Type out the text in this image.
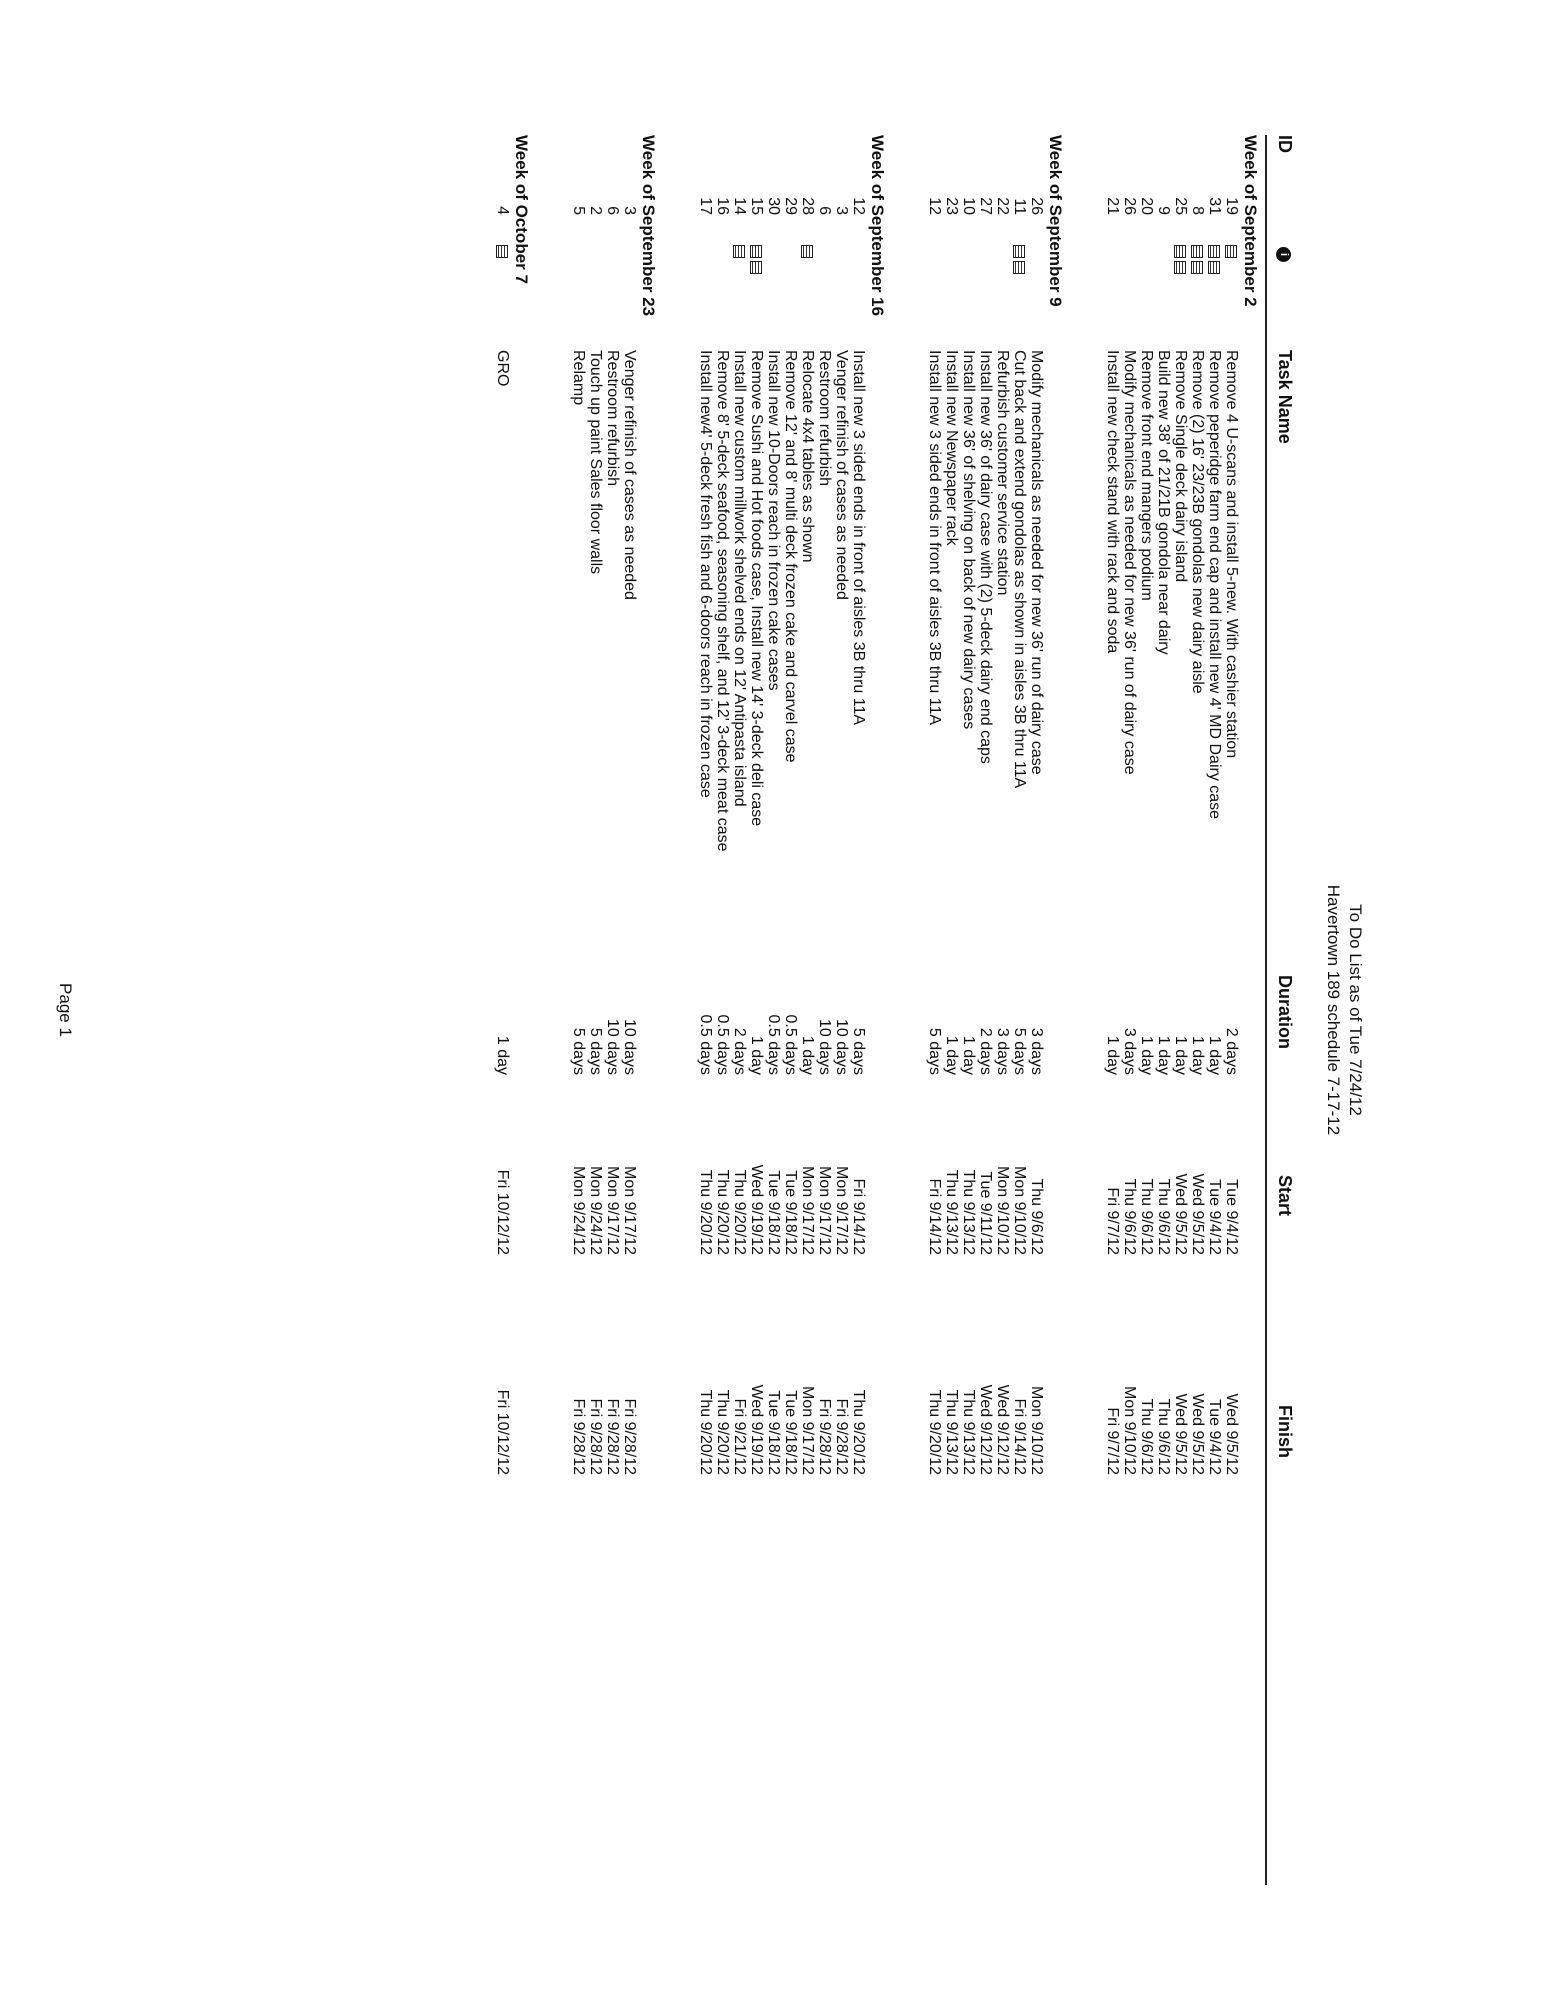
To Do List as of Tue 7/24/12
Havertown 189 schedule 7-17-12
ID
i
Task Name
Duration
Start
Finish
Week of September 2
19
Remove 4 U-scans and install 5-new. With cashier station
2 days
Tue 9/4/12
Wed 9/5/12
31
Remove peperidge farm end cap and install new 4' MD Dairy case
1 day
Tue 9/4/12
Tue 9/4/12
8
Remove (2) 16' 23/23B gondolas new dairy aisle
1 day
Wed 9/5/12
Wed 9/5/12
25
Remove Single deck dairy island
1 day
Wed 9/5/12
Wed 9/5/12
9
Build new 38' of 21/21B gondola near dairy
1 day
Thu 9/6/12
Thu 9/6/12
20
Remove front end mangers podium
1 day
Thu 9/6/12
Thu 9/6/12
26
Modify mechanicals as needed for new 36' run of dairy case
3 days
Thu 9/6/12
Mon 9/10/12
21
Install new check stand with rack and soda
1 day
Fri 9/7/12
Fri 9/7/12
Week of September 9
26
Modify mechanicals as needed for new 36' run of dairy case
3 days
Thu 9/6/12
Mon 9/10/12
11
Cut back and extend gondolas as shown in aisles 3B thru 11A
5 days
Mon 9/10/12
Fri 9/14/12
22
Refurbish customer service station
3 days
Mon 9/10/12
Wed 9/12/12
27
Install new 36' of dairy case with (2) 5-deck dairy end caps
2 days
Tue 9/11/12
Wed 9/12/12
10
Install new 36' of shelving on back of new dairy cases
1 day
Thu 9/13/12
Thu 9/13/12
23
Install new Newspaper rack
1 day
Thu 9/13/12
Thu 9/13/12
12
Install new 3 sided ends in front of aisles 3B thru 11A
5 days
Fri 9/14/12
Thu 9/20/12
Week of September 16
12
Install new 3 sided ends in front of aisles 3B thru 11A
5 days
Fri 9/14/12
Thu 9/20/12
3
Venger refinish of cases as needed
10 days
Mon 9/17/12
Fri 9/28/12
6
Restroom refurbish
10 days
Mon 9/17/12
Fri 9/28/12
28
Relocate 4x4 tables as shown
1 day
Mon 9/17/12
Mon 9/17/12
29
Remove 12' and 8' multi deck frozen cake and carvel case
0.5 days
Tue 9/18/12
Tue 9/18/12
30
Install new 10-Doors reach in frozen cake cases
0.5 days
Tue 9/18/12
Tue 9/18/12
15
Remove Sushi and Hot foods case, Install new 14' 3-deck deli case
1 day
Wed 9/19/12
Wed 9/19/12
14
Install new custom millwork shelved ends on 12' Antipasta island
2 days
Thu 9/20/12
Fri 9/21/12
16
Remove 8' 5-deck seafood, seasoning shelf, and 12' 3-deck meat case
0.5 days
Thu 9/20/12
Thu 9/20/12
17
Install new4' 5-deck fresh fish and 6-doors reach in frozen case
0.5 days
Thu 9/20/12
Thu 9/20/12
Week of September 23
3
Venger refinish of cases as needed
10 days
Mon 9/17/12
Fri 9/28/12
6
Restroom refurbish
10 days
Mon 9/17/12
Fri 9/28/12
2
Touch up paint Sales floor walls
5 days
Mon 9/24/12
Fri 9/28/12
5
Relamp
5 days
Mon 9/24/12
Fri 9/28/12
Week of October 7
4
GRO
1 day
Fri 10/12/12
Fri 10/12/12
Page 1
